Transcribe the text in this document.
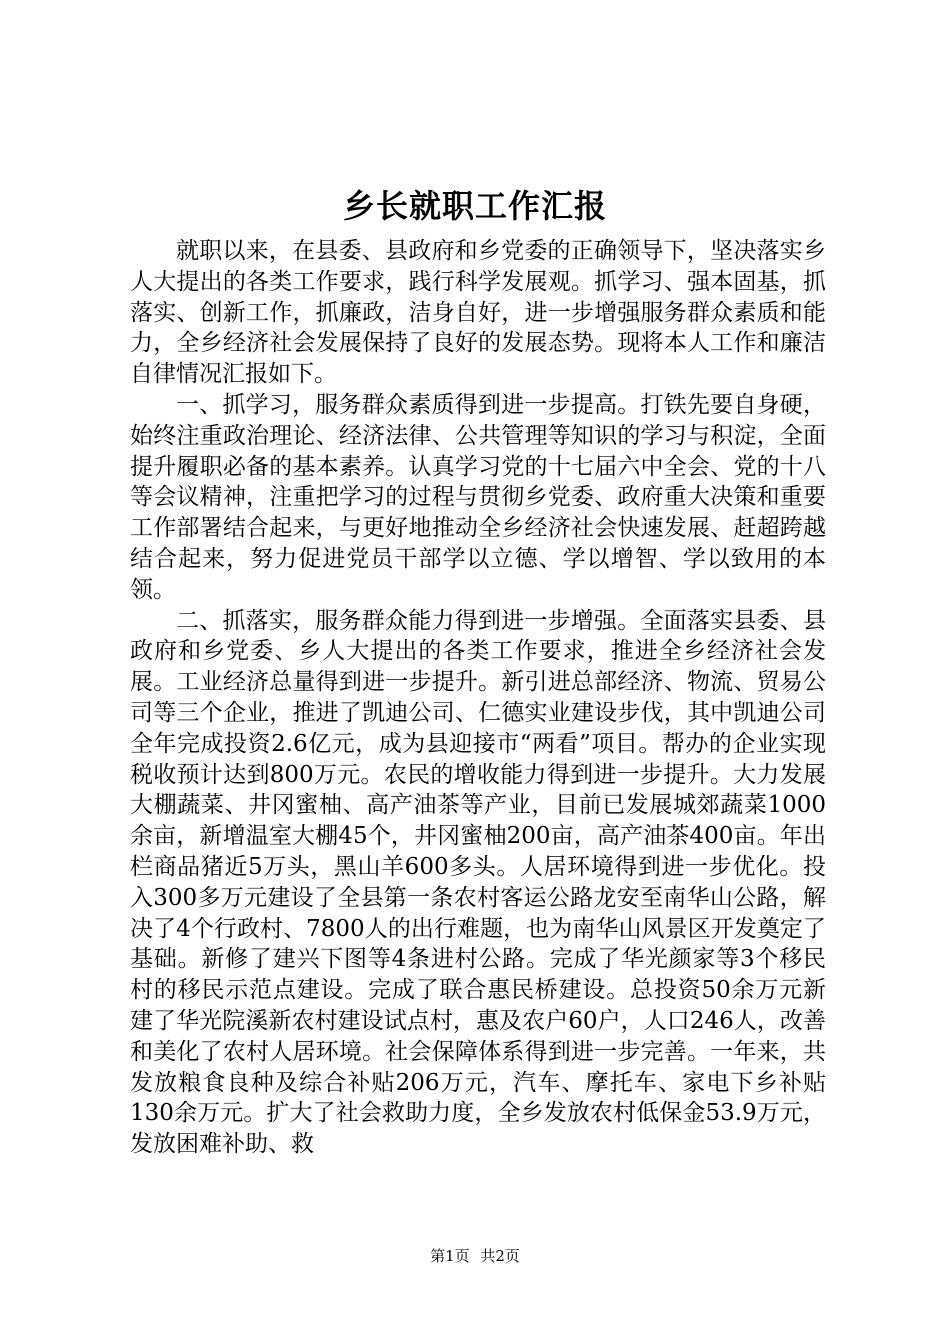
乡长就职工作汇报

就职以来，在县委、县政府和乡党委的正确领导下，坚决落实乡人大提出的各类工作要求，践行科学发展观。抓学习、强本固基，抓落实、创新工作，抓廉政，洁身自好，进一步增强服务群众素质和能力，全乡经济社会发展保持了良好的发展态势。现将本人工作和廉洁自律情况汇报如下。

一、抓学习，服务群众素质得到进一步提高。打铁先要自身硬，始终注重政治理论、经济法律、公共管理等知识的学习与积淀，全面提升履职必备的基本素养。认真学习党的十七届六中全会、党的十八等会议精神，注重把学习的过程与贯彻乡党委、政府重大决策和重要工作部署结合起来，与更好地推动全乡经济社会快速发展、赶超跨越结合起来，努力促进党员干部学以立德、学以增智、学以致用的本领。

二、抓落实，服务群众能力得到进一步增强。全面落实县委、县政府和乡党委、乡人大提出的各类工作要求，推进全乡经济社会发展。工业经济总量得到进一步提升。新引进总部经济、物流、贸易公司等三个企业，推进了凯迪公司、仁德实业建设步伐，其中凯迪公司全年完成投资2.6亿元，成为县迎接市“两看”项目。帮办的企业实现税收预计达到800万元。农民的增收能力得到进一步提升。大力发展大棚蔬菜、井冈蜜柚、高产油茶等产业，目前已发展城郊蔬菜1000余亩，新增温室大棚45个，井冈蜜柚200亩，高产油茶400亩。年出栏商品猪近5万头，黑山羊600多头。人居环境得到进一步优化。投入300多万元建设了全县第一条农村客运公路龙安至南华山公路，解决了4个行政村、7800人的出行难题，也为南华山风景区开发奠定了基础。新修了建兴下图等4条进村公路。完成了华光颜家等3个移民村的移民示范点建设。完成了联合惠民桥建设。总投资50余万元新建了华光院溪新农村建设试点村，惠及农户60户，人口246人，改善和美化了农村人居环境。社会保障体系得到进一步完善。一年来，共发放粮食良种及综合补贴206万元，汽车、摩托车、家电下乡补贴130余万元。扩大了社会救助力度，全乡发放农村低保金53.9万元，发放困难补助、救

第1页 共2页
